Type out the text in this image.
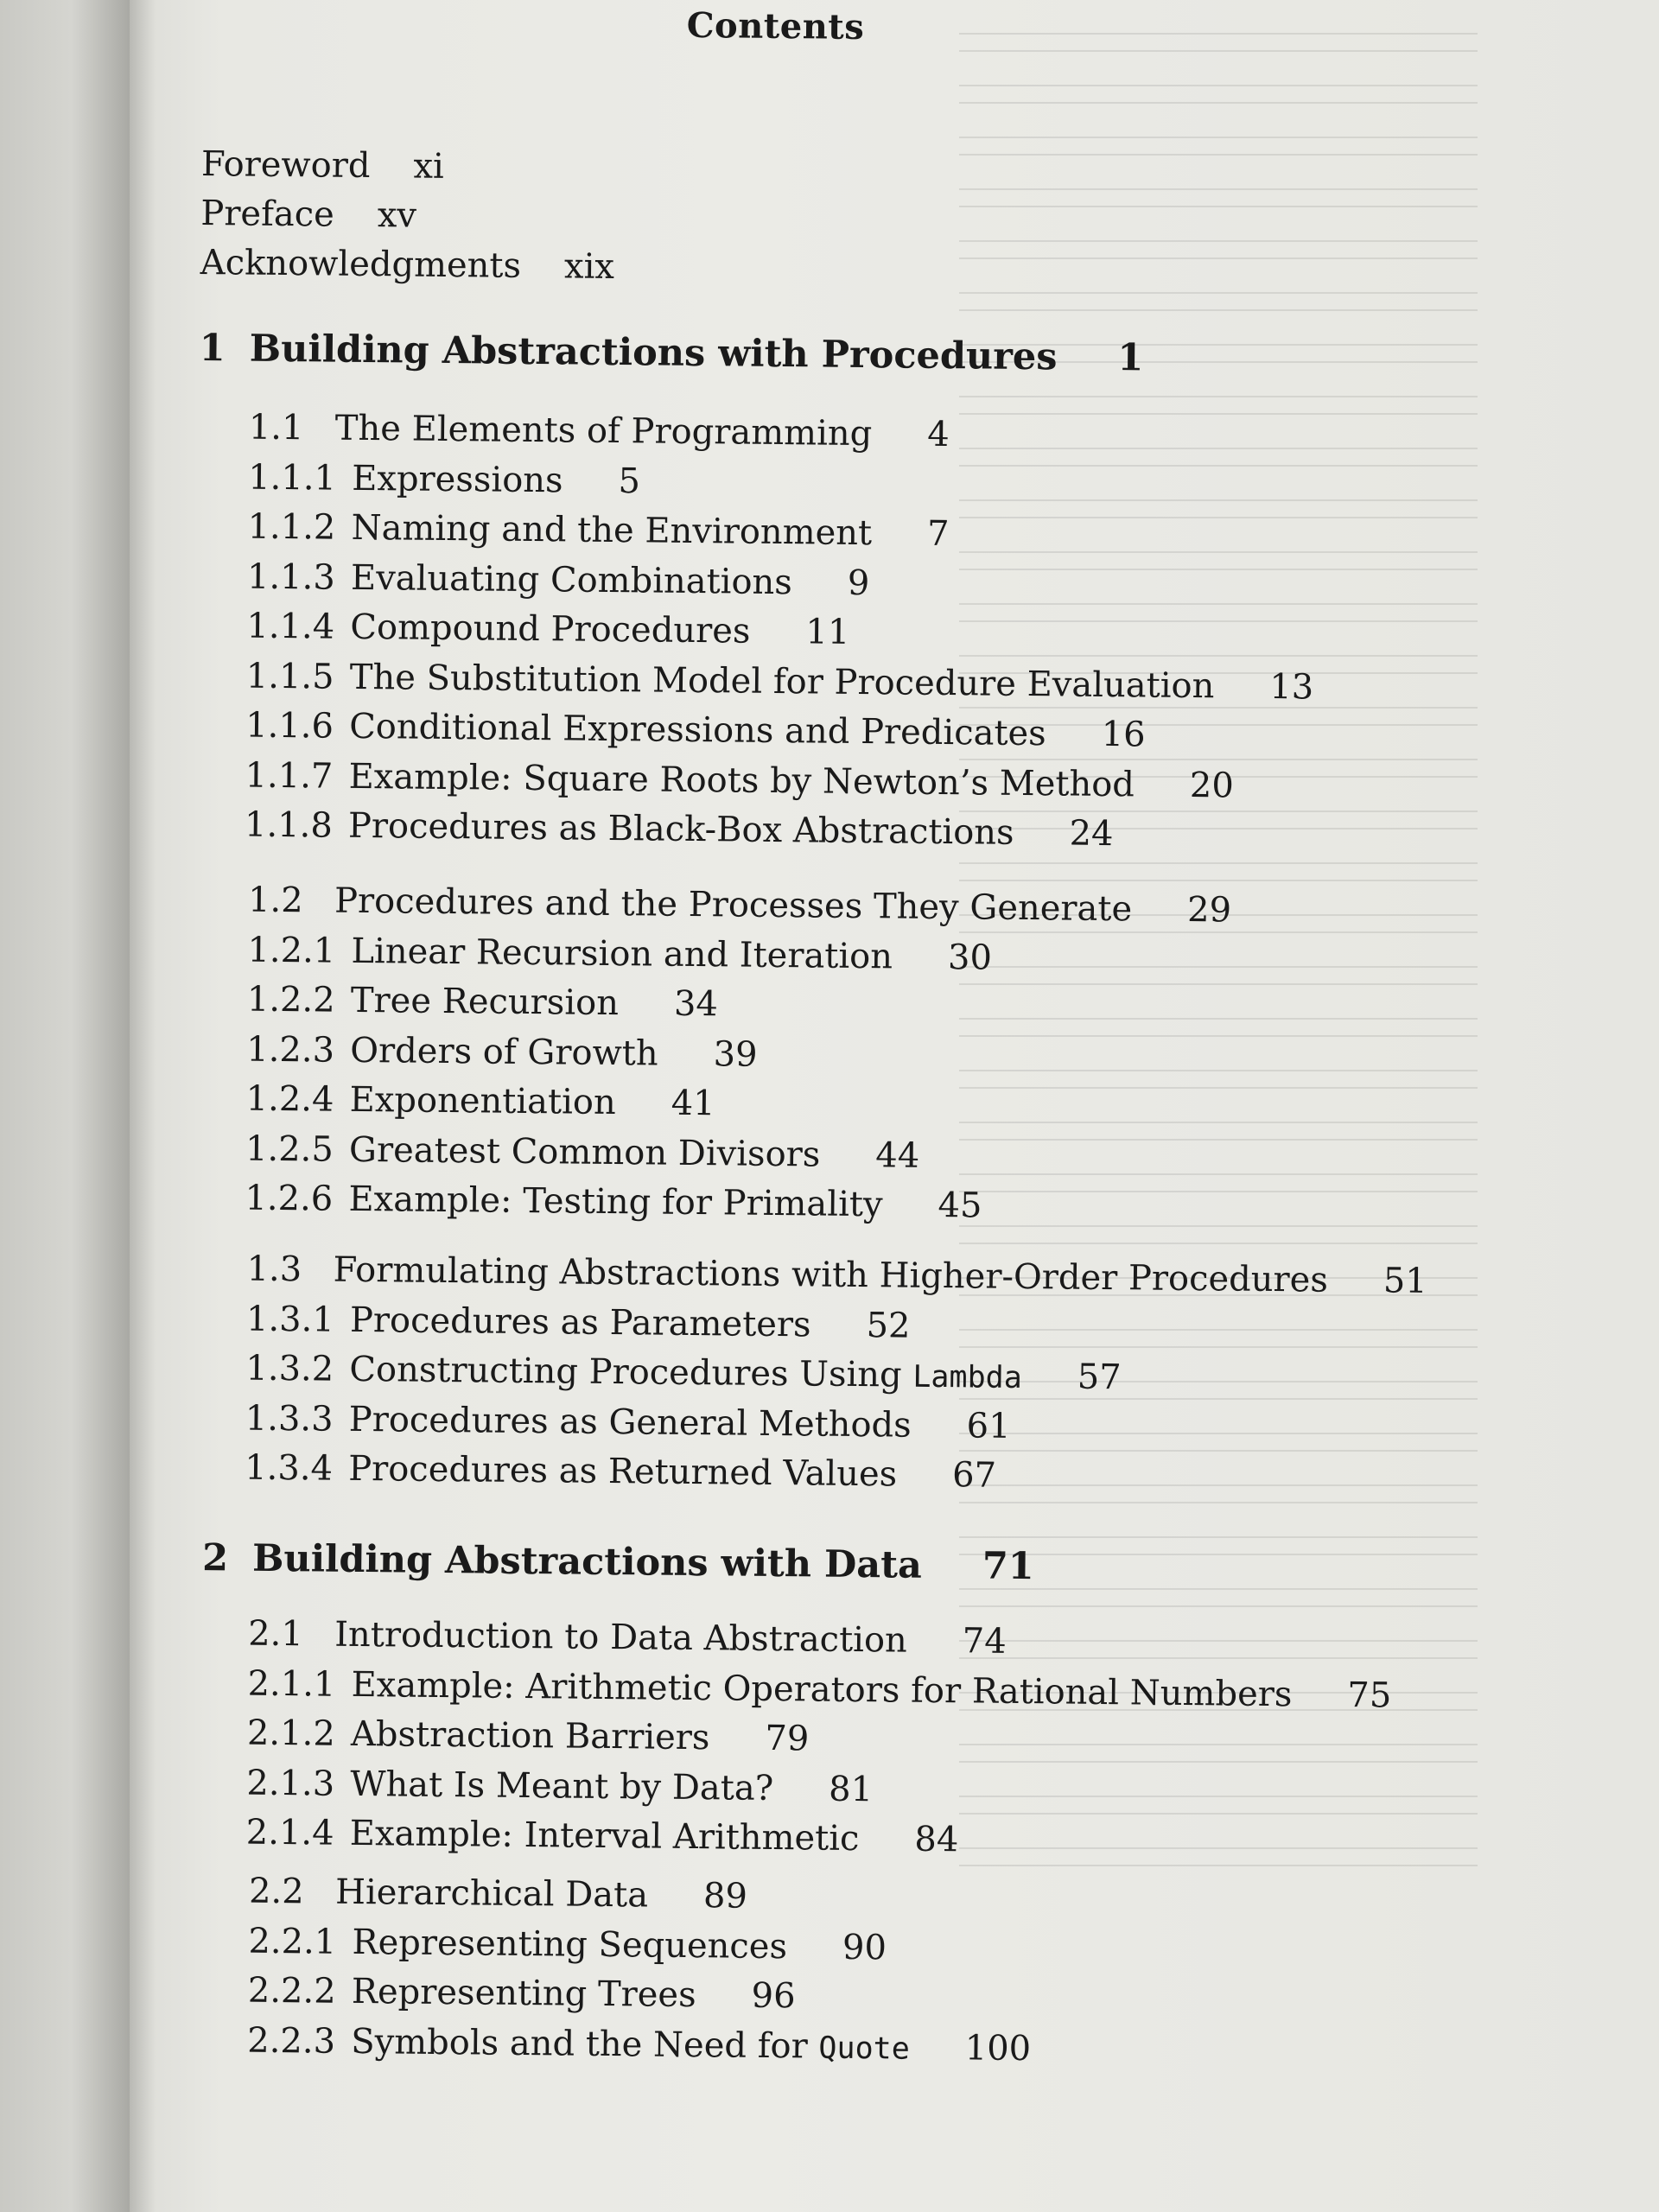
Contents
Foreword xi
Preface xv
Acknowledgments xix
1 Building Abstractions with Procedures 1
1.1 The Elements of Programming 4
1.1.1 Expressions 5
1.1.2 Naming and the Environment 7
1.1.3 Evaluating Combinations 9
1.1.4 Compound Procedures 11
1.1.5 The Substitution Model for Procedure Evaluation 13
1.1.6 Conditional Expressions and Predicates 16
1.1.7 Example: Square Roots by Newton’s Method 20
1.1.8 Procedures as Black-Box Abstractions 24
1.2 Procedures and the Processes They Generate 29
1.2.1 Linear Recursion and Iteration 30
1.2.2 Tree Recursion 34
1.2.3 Orders of Growth 39
1.2.4 Exponentiation 41
1.2.5 Greatest Common Divisors 44
1.2.6 Example: Testing for Primality 45
1.3 Formulating Abstractions with Higher-Order Procedures 51
1.3.1 Procedures as Parameters 52
1.3.2 Constructing Procedures Using Lambda 57
1.3.3 Procedures as General Methods 61
1.3.4 Procedures as Returned Values 67
2 Building Abstractions with Data 71
2.1 Introduction to Data Abstraction 74
2.1.1 Example: Arithmetic Operators for Rational Numbers 75
2.1.2 Abstraction Barriers 79
2.1.3 What Is Meant by Data? 81
2.1.4 Example: Interval Arithmetic 84
2.2 Hierarchical Data 89
2.2.1 Representing Sequences 90
2.2.2 Representing Trees 96
2.2.3 Symbols and the Need for Quote 100
